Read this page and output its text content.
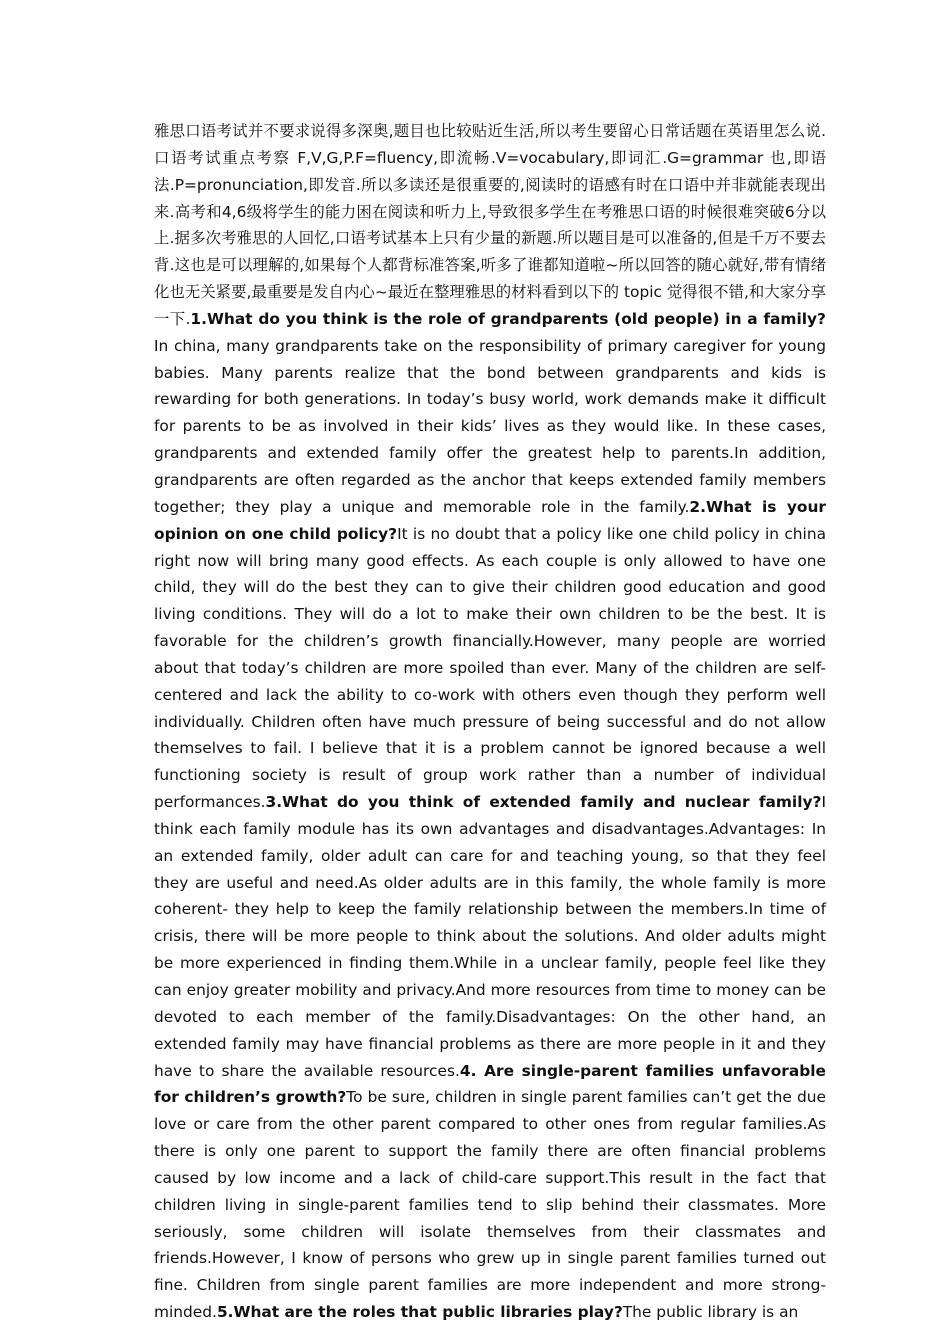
雅思口语考试并不要求说得多深奥,题目也比较贴近生活,所以考生要留心日常话题在英语里怎么说.口语考试重点考察 F,V,G,P.F=fluency,即流畅.V=vocabulary,即词汇.G=grammar 也,即语法.P=pronunciation,即发音.所以多读还是很重要的,阅读时的语感有时在口语中并非就能表现出来.高考和4,6级将学生的能力困在阅读和听力上,导致很多学生在考雅思口语的时候很难突破6分以上.据多次考雅思的人回忆,口语考试基本上只有少量的新题.所以题目是可以准备的,但是千万不要去背.这也是可以理解的,如果每个人都背标准答案,听多了谁都知道啦~所以回答的随心就好,带有情绪化也无关紧要,最重要是发自内心~最近在整理雅思的材料看到以下的 topic 觉得很不错,和大家分享一下.1.What do you think is the role of grandparents (old people) in a family?In china, many grandparents take on the responsibility of primary caregiver for young babies. Many parents realize that the bond between grandparents and kids is rewarding for both generations. In today’s busy world, work demands make it difficult for parents to be as involved in their kids’ lives as they would like. In these cases, grandparents and extended family offer the greatest help to parents.In addition, grandparents are often regarded as the anchor that keeps extended family members together; they play a unique and memorable role in the family.2.What is your opinion on one child policy?It is no doubt that a policy like one child policy in china right now will bring many good effects. As each couple is only allowed to have one child, they will do the best they can to give their children good education and good living conditions. They will do a lot to make their own children to be the best. It is favorable for the children’s growth financially.However, many people are worried about that today’s children are more spoiled than ever. Many of the children are self-centered and lack the ability to co-work with others even though they perform well individually. Children often have much pressure of being successful and do not allow themselves to fail. I believe that it is a problem cannot be ignored because a well functioning society is result of group work rather than a number of individual performances.3.What do you think of extended family and nuclear family?I think each family module has its own advantages and disadvantages.Advantages: In an extended family, older adult can care for and teaching young, so that they feel they are useful and need.As older adults are in this family, the whole family is more coherent- they help to keep the family relationship between the members.In time of crisis, there will be more people to think about the solutions. And older adults might be more experienced in finding them.While in a unclear family, people feel like they can enjoy greater mobility and privacy.And more resources from time to money can be devoted to each member of the family.Disadvantages: On the other hand, an extended family may have financial problems as there are more people in it and they have to share the available resources.4. Are single-parent families unfavorable for children’s growth?To be sure, children in single parent families can’t get the due love or care from the other parent compared to other ones from regular families.As there is only one parent to support the family there are often financial problems caused by low income and a lack of child-care support.This result in the fact that children living in single-parent families tend to slip behind their classmates. More seriously, some children will isolate themselves from their classmates and friends.However, I know of persons who grew up in single parent families turned out fine. Children from single parent families are more independent and more strong-minded.5.What are the roles that public libraries play?The public library is an
